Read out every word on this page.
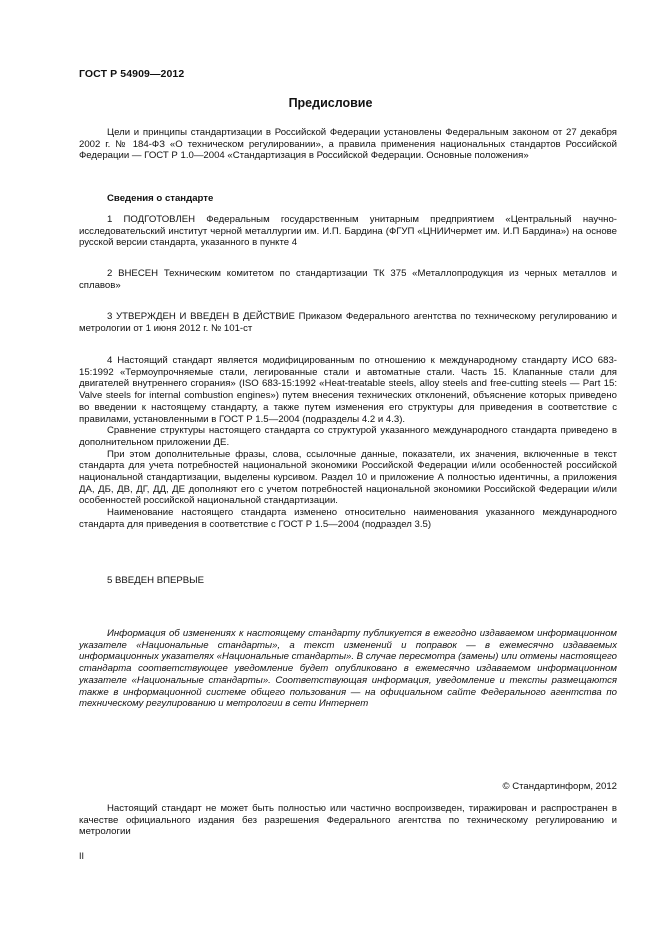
ГОСТ Р 54909—2012
Предисловие

Цели и принципы стандартизации в Российской Федерации установлены Федеральным законом от 27 декабря 2002 г. № 184-ФЗ «О техническом регулировании», а правила применения национальных стандартов Российской Федерации — ГОСТ Р 1.0—2004 «Стандартизация в Российской Федерации. Основные положения»

Сведения о стандарте

1 ПОДГОТОВЛЕН Федеральным государственным унитарным предприятием «Центральный научно-исследовательский институт черной металлургии им. И.П. Бардина (ФГУП «ЦНИИчермет им. И.П Бардина») на основе русской версии стандарта, указанного в пункте 4

2 ВНЕСЕН Техническим комитетом по стандартизации ТК 375 «Металлопродукция из черных металлов и сплавов»

3 УТВЕРЖДЕН И ВВЕДЕН В ДЕЙСТВИЕ Приказом Федерального агентства по техническому регулированию и метрологии от 1 июня 2012 г. № 101-ст

4 Настоящий стандарт является модифицированным по отношению к международному стандарту ИСО 683-15:1992 «Термоупрочняемые стали, легированные стали и автоматные стали. Часть 15. Клапанные стали для двигателей внутреннего сгорания» (ISO 683-15:1992 «Heat-treatable steels, alloy steels and free-cutting steels — Part 15: Valve steels for internal combustion engines») путем внесения технических отклонений, объяснение которых приведено во введении к настоящему стандарту, а также путем изменения его структуры для приведения в соответствие с правилами, установленными в ГОСТ Р 1.5—2004 (подразделы 4.2 и 4.3).

Сравнение структуры настоящего стандарта со структурой указанного международного стандарта приведено в дополнительном приложении ДЕ.

При этом дополнительные фразы, слова, ссылочные данные, показатели, их значения, включенные в текст стандарта для учета потребностей национальной экономики Российской Федерации и/или особенностей российской национальной стандартизации, выделены курсивом. Раздел 10 и приложение А полностью идентичны, а приложения ДА, ДБ, ДВ, ДГ, ДД, ДЕ дополняют его с учетом потребностей национальной экономики Российской Федерации и/или особенностей российской национальной стандартизации.

Наименование настоящего стандарта изменено относительно наименования указанного международного стандарта для приведения в соответствие с ГОСТ Р 1.5—2004 (подраздел 3.5)

5 ВВЕДЕН ВПЕРВЫЕ

Информация об изменениях к настоящему стандарту публикуется в ежегодно издаваемом информационном указателе «Национальные стандарты», а текст изменений и поправок — в ежемесячно издаваемых информационных указателях «Национальные стандарты». В случае пересмотра (замены) или отмены настоящего стандарта соответствующее уведомление будет опубликовано в ежемесячно издаваемом информационном указателе «Национальные стандарты». Соответствующая информация, уведомление и тексты размещаются также в информационной системе общего пользования — на официальном сайте Федерального агентства по техническому регулированию и метрологии в сети Интернет

© Стандартинформ, 2012

Настоящий стандарт не может быть полностью или частично воспроизведен, тиражирован и распространен в качестве официального издания без разрешения Федерального агентства по техническому регулированию и метрологии

II
